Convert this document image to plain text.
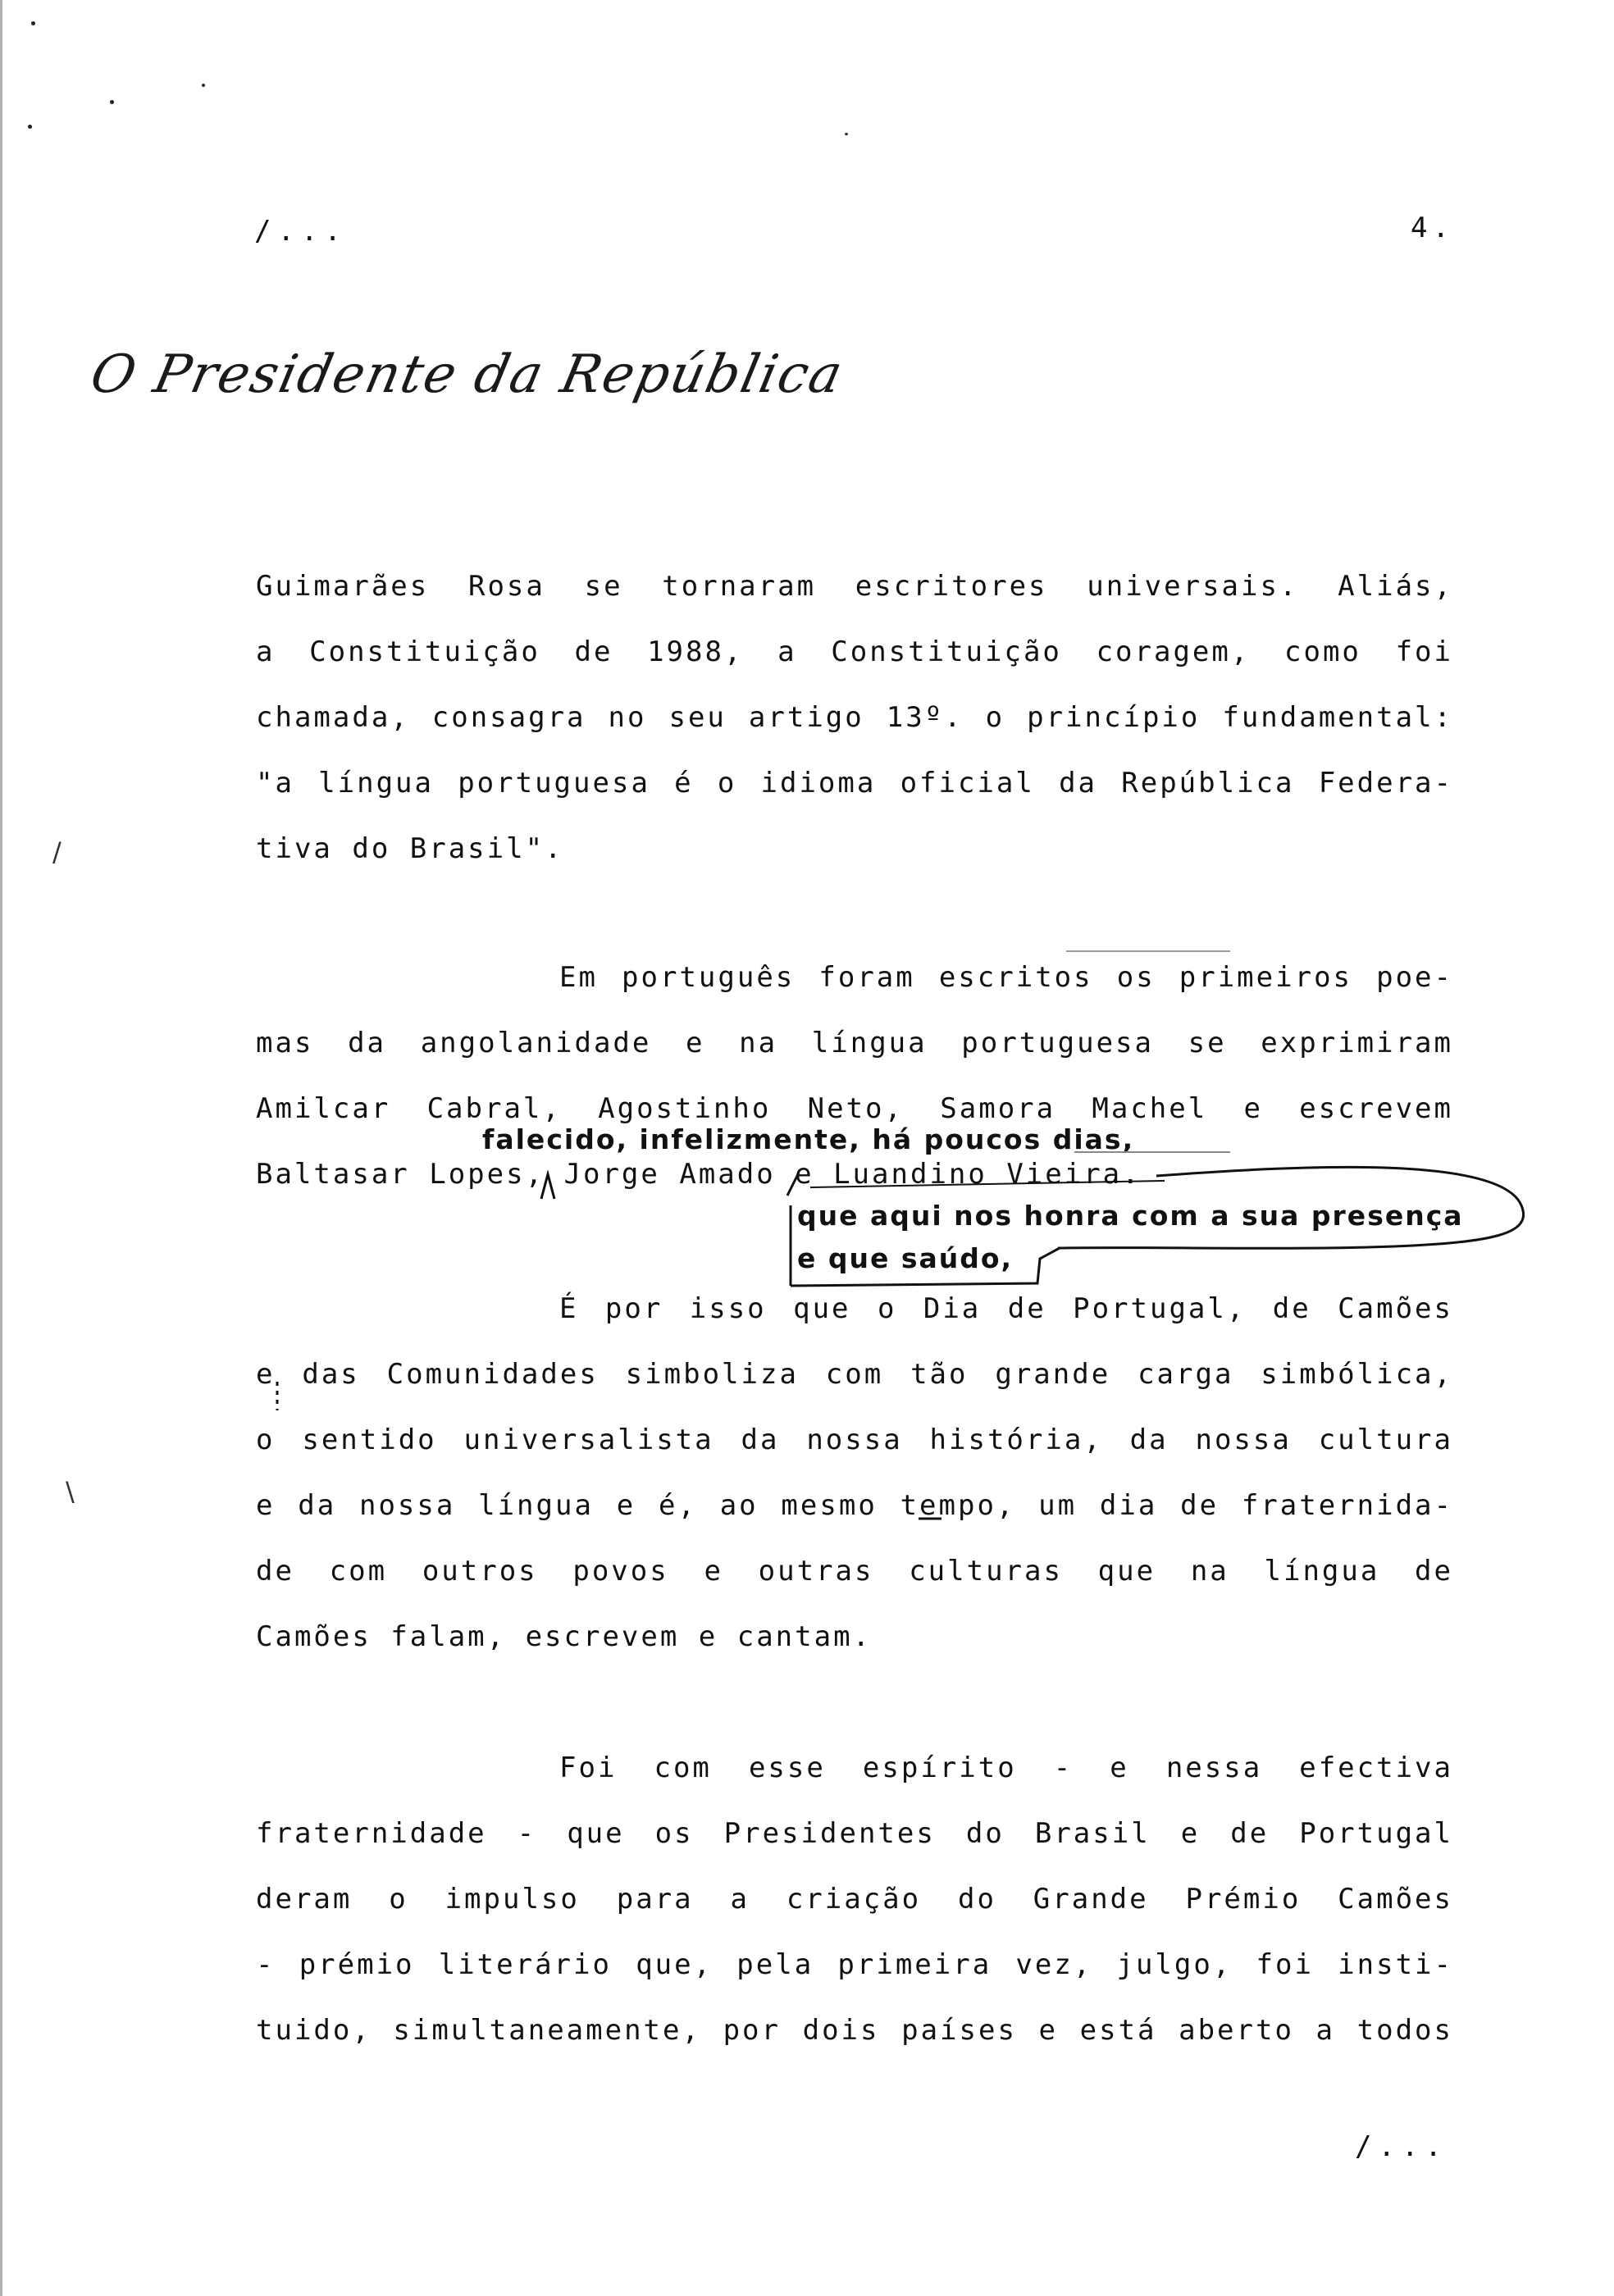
/...	4.
O Presidente da República
Guimarães Rosa se tornaram escritores universais. Aliás,
a Constituição de 1988, a Constituição coragem, como foi
chamada, consagra no seu artigo 13º. o princípio fundamental:
"a língua portuguesa é o idioma oficial da República Federa-
tiva do Brasil".
/
Em português foram escritos os primeiros poe-
mas da angolanidade e na língua portuguesa se exprimiram
Amilcar Cabral, Agostinho Neto, Samora Machel e escrevem
Baltasar Lopes, Jorge Amado e Luandino Vieira.
falecido, infelizmente, há poucos dias,
que aqui nos honra com a sua presença
e que saúdo,
\
É por isso que o Dia de Portugal, de Camões
e das Comunidades simboliza com tão grande carga simbólica,
o sentido universalista da nossa história, da nossa cultura
e da nossa língua e é, ao mesmo tempo, um dia de fraternida-
de com outros povos e outras culturas que na língua de
Camões falam, escrevem e cantam.
Foi com esse espírito - e nessa efectiva
fraternidade - que os Presidentes do Brasil e de Portugal
deram o impulso para a criação do Grande Prémio Camões
- prémio literário que, pela primeira vez, julgo, foi insti-
tuido, simultaneamente, por dois países e está aberto a todos
/...
